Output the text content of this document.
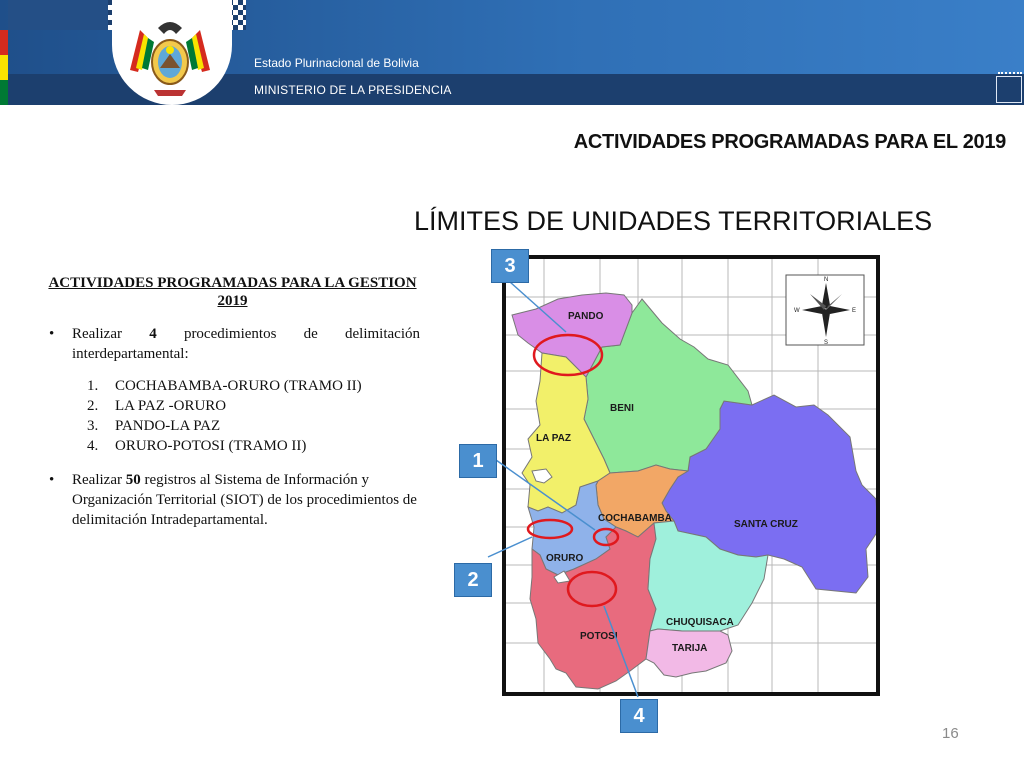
Estado Plurinacional de Bolivia
MINISTERIO DE LA PRESIDENCIA
ACTIVIDADES PROGRAMADAS PARA EL 2019
LÍMITES DE UNIDADES TERRITORIALES
ACTIVIDADES PROGRAMADAS PARA LA GESTION 2019
• Realizar 4 procedimientos de delimitación interdepartamental:
1. COCHABAMBA-ORURO (TRAMO II)
2. LA PAZ -ORURO
3. PANDO-LA PAZ
4. ORURO-POTOSI (TRAMO II)
• Realizar 50 registros al Sistema de Información y Organización Territorial (SIOT) de los procedimientos de delimitación Intradepartamental.
PANDO
BENI
LA PAZ
COCHABAMBA
SANTA CRUZ
ORURO
POTOSI
CHUQUISACA
TARIJA
N
S
E
W
3
1
2
4
16
